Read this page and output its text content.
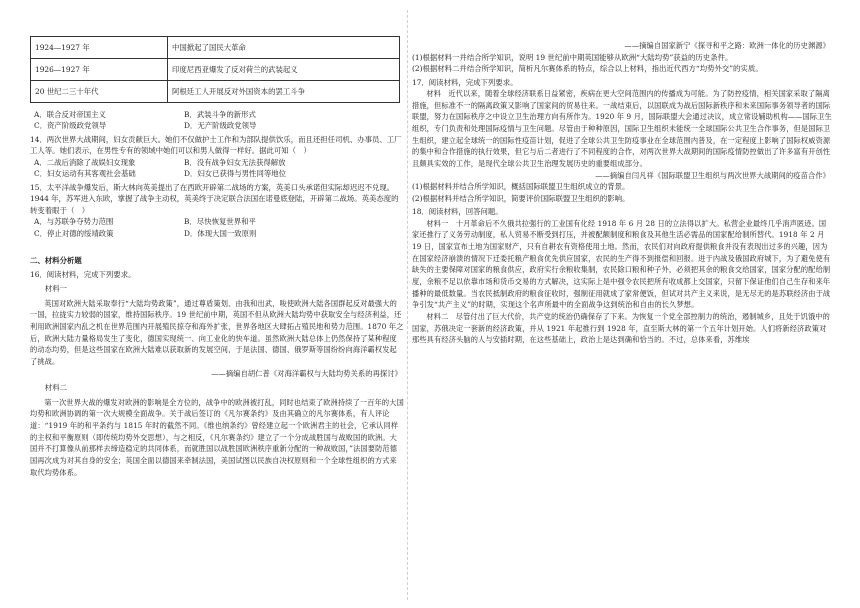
1924—1927 年	中国掀起了国民大革命
1926—1927 年	印度尼西亚爆发了反对荷兰的武装起义
20 世纪二三十年代	阿根廷工人开展反对外国资本的罢工斗争
A．联合反对帝国主义	B．武装斗争的新形式
C．资产阶级政党领导	D．无产阶级政党领导

14．两次世界大战期间，妇女贡献巨大。她们不仅做护士工作和为部队提供饮乐，而且还担任司机、办事员、工厂工人等。她们表示，在男性专有的领域中她们可以和男人做得一样好。据此可知（　）

A．二战后消除了战娱妇女现象	B．没有战争妇女无法获得解放
C．妇女运动有其客观社会基础	D．妇女已获得与男性同等地位

15．太平洋战争爆发后，斯大林向英美提出了在西欧开辟第二战场的方案，英美口头承诺但实际却迟迟不兑现。1944 年，苏军进入东欧，掌握了战争主动权，英美终于决定联合法国在诺曼底登陆，开辟第二战场。英美态度的转变着眼于（　）

A．与苏联争夺势力范围	B．尽快恢复世界和平
C．停止对德的绥靖政策	D．体现大国一致原则

二、材料分析题

16．阅读材料，完成下列要求。

材料一

英国对欧洲大陆采取奉行“大陆均势政策”，通过尊盾策划、由我和出武，唆使欧洲大陆各国群起反对最强大的一国，拉拢实力较弱的国家，维持国际秩序。19 世纪前中期，英国不但从欧洲大陆均势中获取安全与经济利益，还利用欧洲国家内乱之机在世界范围内开展殖民掠夺和海外扩张，世界各地区大肆拓占殖民地和势力范围。1870 年之后，欧洲大陆力量格局发生了变化，德国实现统一、向工业化的快车道。虽然欧洲大陆总体上仍然保持了某种程度的动态均势，但是这些国家在欧洲大陆难以获取新的发展空间，于是法国、德国、俄罗斯等国纷纷向海洋霸权发起了挑战。

——摘编自胡仁普《对海洋霸权与大陆均势关系的再探讨》

材料二

第一次世界大战的爆发对欧洲的影响是全方位的，战争中的欧洲被打乱，同时也结束了欧洲持续了一百年的大国均势和欧洲协调的第一次大规模全面战争。关于战后签订的《凡尔赛条约》及由其确立的凡尔赛体系，有人评论道：“1919 年的和平条约与 1815 年时的截然不同。《维也纳条约》曾经建立起一个欧洲君主的社会，它承认同样的主权和平衡原则（即传统均势外交思想），与之相反，《凡尔赛条约》建立了一个分成战胜国与战败国的欧洲。大国并不打算像从前那样去缔造稳定的共同体系，而就胜国以战胜国欧洲秩序重新分配的一种战败国，”法国要防范德国再次成为对其自身的安全；英国全面以德国来牵制法国，美国试图以民族自决权原则和一个全球性组织的方式来取代均势体系。

——摘编自国家新宁《探寻和平之路：欧洲一体化的历史渊源》

(1)根据材料一并结合所学知识，说明 19 世纪前中期英国能够从欧洲“大陆均势”获益的历史条件。

(2)根据材料二并结合所学知识，简析凡尔赛体系的特点，综合以上材料，指出近代西方“均势外交”的实质。

17．阅读材料，完成下列要求。

材料　近代以来，随着全球经济联系日益紧密，疾病在更大空间范围内的传播成为可能。为了防控疫情，相关国家采取了隔离措施，但标准不一的隔离政策又影响了国家间的贸易往来。一战结束后，以国联成为战后国际新秩序和未来国际事务领导者的国际联盟，努力在国际秩序之中设立卫生治理方向有所作为。1920 年 9 月，国际联盟大会通过决议，成立常设辅助机构——国际卫生组织，专门负责和处理国际疫情与卫生问题。尽管由于种种原因，国际卫生组织未能统一全球国际公共卫生合作事务，但是国际卫生组织，建立起全球统一的国际性疫苗计划，促进了全球公共卫生防疫事业在全球范围内普及，在一定程度上影响了国际权威资源的集中和合作措施的执行效果，但它与后二者进行了不同程度的合作，对两次世界大战期间的国际疫情防控做出了许多富有开创性且颇具实效的工作，是现代全球公共卫生治理发展历史的重要组成部分。

——摘编自闫凡祥《国际联盟卫生组织与两次世界大战期间的疫苗合作》

(1)根据材料并结合所学知识，概括国际联盟卫生组织成立的背景。

(2)根据材料并结合所学知识，简要评价国际联盟卫生组织的影响。

18．阅读材料，回答问题。

材料一　十月革命后不久俄共拉强行的工业国有化经 1918 年 6 月 28 日的立法得以扩大。私营企业最终几乎消声匿迹。国家还推行了义务劳动制度，私人贸易不断受到打压，并被配额制度和粮食及其他生活必需品的国家配给制所替代。1918 年 2 月 19 日，国家宣布土地为国家财产，只有自耕农有资格使用土地。然而，农民们对向政府提供粮食并没有表现出过多的兴趣，因为在国家经济崩溃的情况下迁委托粮产粮食优先供应国家，农民的生产得不到报偿和回报。进于内战及俄国政府城下，为了避免使有缺失的主要保障对国家的粮食供应，政府实行余粮收集制，农民除口粮和种子外，必须把其余的粮食交给国家，国家分配的配给制度，余粮不足以依靠市场和货币交易的方式解决，这实际上是中强令农民把所有收成都上交国家，只留下保证他们自己生存和来年播种的最低数量。当农民抵制政府的粮食征收时，强制征用就成了家常便饭，但试对共产主义来说，是无尽无的是苏联经济由于战争引发“共产主义”的时期，实现这个名声所最中的全面战争这到统治和自由的长久梦想。

材料二　尽管付出了巨大代价，共产党的统治仍确保存了下来。为恢复一个党全部控制力的统治，遏制城乡，且处于饥饿中的国家，苏俄决定一套新的经济政策，并从 1921 年起推行到 1928 年，直至斯大林的第一个五年计划开始。人们将新经济政策对那些具有经济头脑的人与安插时期，在这些基础上，政治上是达到确和恰当的。不过，总体来看，苏维埃
